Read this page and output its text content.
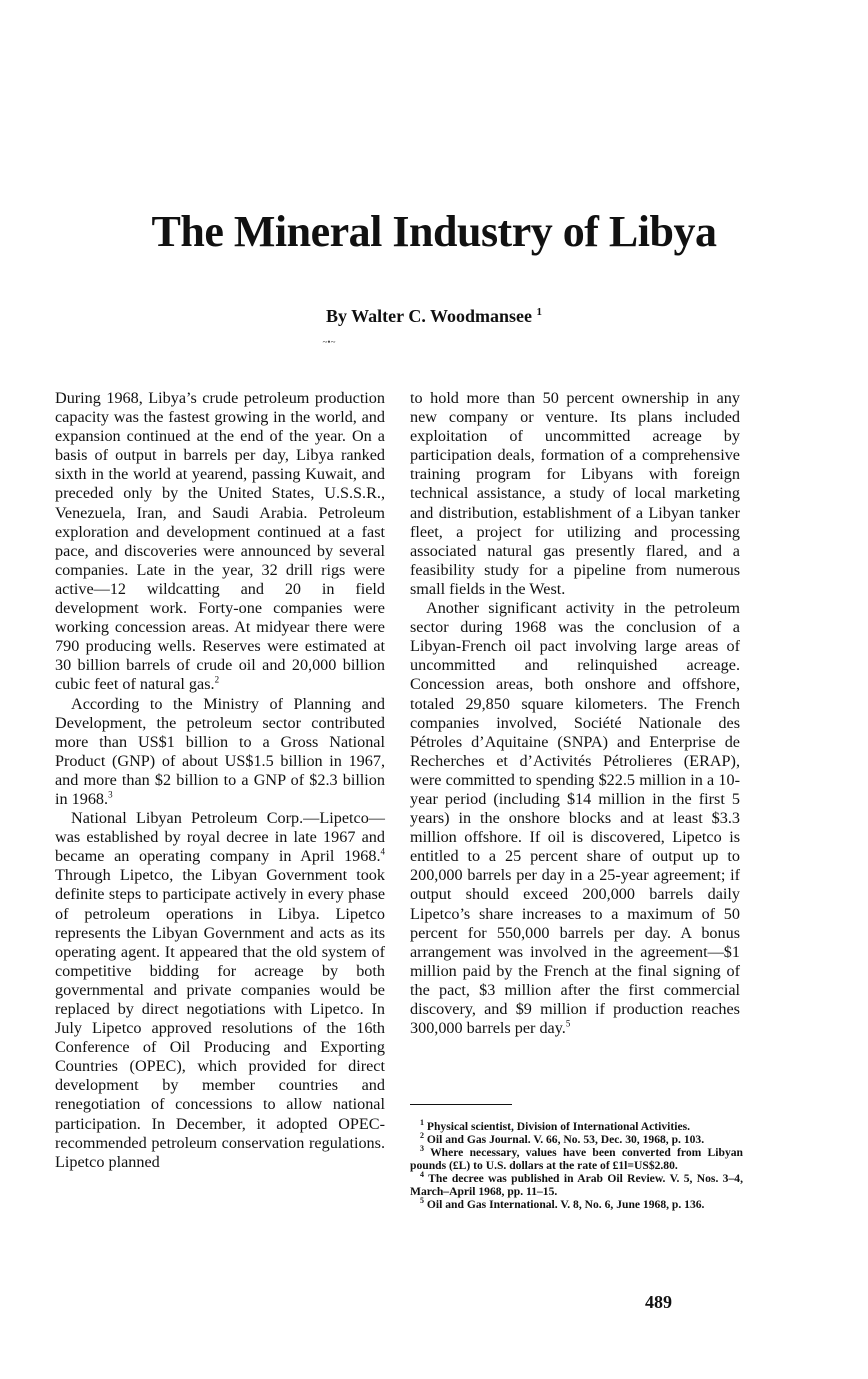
The Mineral Industry of Libya
By Walter C. Woodmansee $^1$
~•~

During 1968, Libya’s crude petroleum production capacity was the fastest growing in the world, and expansion continued at the end of the year. On a basis of output in barrels per day, Libya ranked sixth in the world at yearend, passing Kuwait, and preceded only by the United States, U.S.S.R., Venezuela, Iran, and Saudi Arabia. Petroleum exploration and development continued at a fast pace, and discoveries were announced by several companies. Late in the year, 32 drill rigs were active—12 wildcatting and 20 in field development work. Forty-one companies were working concession areas. At midyear there were 790 producing wells. Reserves were estimated at 30 billion barrels of crude oil and 20,000 billion cubic feet of natural gas.$^2$

According to the Ministry of Planning and Development, the petroleum sector contributed more than US$1 billion to a Gross National Product (GNP) of about US$1.5 billion in 1967, and more than $2 billion to a GNP of $2.3 billion in 1968.$^3$

National Libyan Petroleum Corp.—Lipetco—was established by royal decree in late 1967 and became an operating company in April 1968.$^4$ Through Lipetco, the Libyan Government took definite steps to participate actively in every phase of petroleum operations in Libya. Lipetco represents the Libyan Government and acts as its operating agent. It appeared that the old system of competitive bidding for acreage by both governmental and private companies would be replaced by direct negotiations with Lipetco. In July Lipetco approved resolutions of the 16th Conference of Oil Producing and Exporting Countries (OPEC), which provided for direct development by member countries and renegotiation of concessions to allow national participation. In December, it adopted OPEC-recommended petroleum conservation regulations. Lipetco planned

to hold more than 50 percent ownership in any new company or venture. Its plans included exploitation of uncommitted acreage by participation deals, formation of a comprehensive training program for Libyans with foreign technical assistance, a study of local marketing and distribution, establishment of a Libyan tanker fleet, a project for utilizing and processing associated natural gas presently flared, and a feasibility study for a pipeline from numerous small fields in the West.

Another significant activity in the petroleum sector during 1968 was the conclusion of a Libyan-French oil pact involving large areas of uncommitted and relinquished acreage. Concession areas, both onshore and offshore, totaled 29,850 square kilometers. The French companies involved, Société Nationale des Pétroles d’Aquitaine (SNPA) and Enterprise de Recherches et d’Activités Pétrolieres (ERAP), were committed to spending $22.5 million in a 10-year period (including $14 million in the first 5 years) in the onshore blocks and at least $3.3 million offshore. If oil is discovered, Lipetco is entitled to a 25 percent share of output up to 200,000 barrels per day in a 25-year agreement; if output should exceed 200,000 barrels daily Lipetco’s share increases to a maximum of 50 percent for 550,000 barrels per day. A bonus arrangement was involved in the agreement—$1 million paid by the French at the final signing of the pact, $3 million after the first commercial discovery, and $9 million if production reaches 300,000 barrels per day.$^5$

$^1$ Physical scientist, Division of International Activities.

$^2$ Oil and Gas Journal. V. 66, No. 53, Dec. 30, 1968, p. 103.

$^3$ Where necessary, values have been converted from Libyan pounds (£L) to U.S. dollars at the rate of £1l=US$2.80.

$^4$ The decree was published in Arab Oil Review. V. 5, Nos. 3–4, March–April 1968, pp. 11–15.

$^5$ Oil and Gas International. V. 8, No. 6, June 1968, p. 136.

489
